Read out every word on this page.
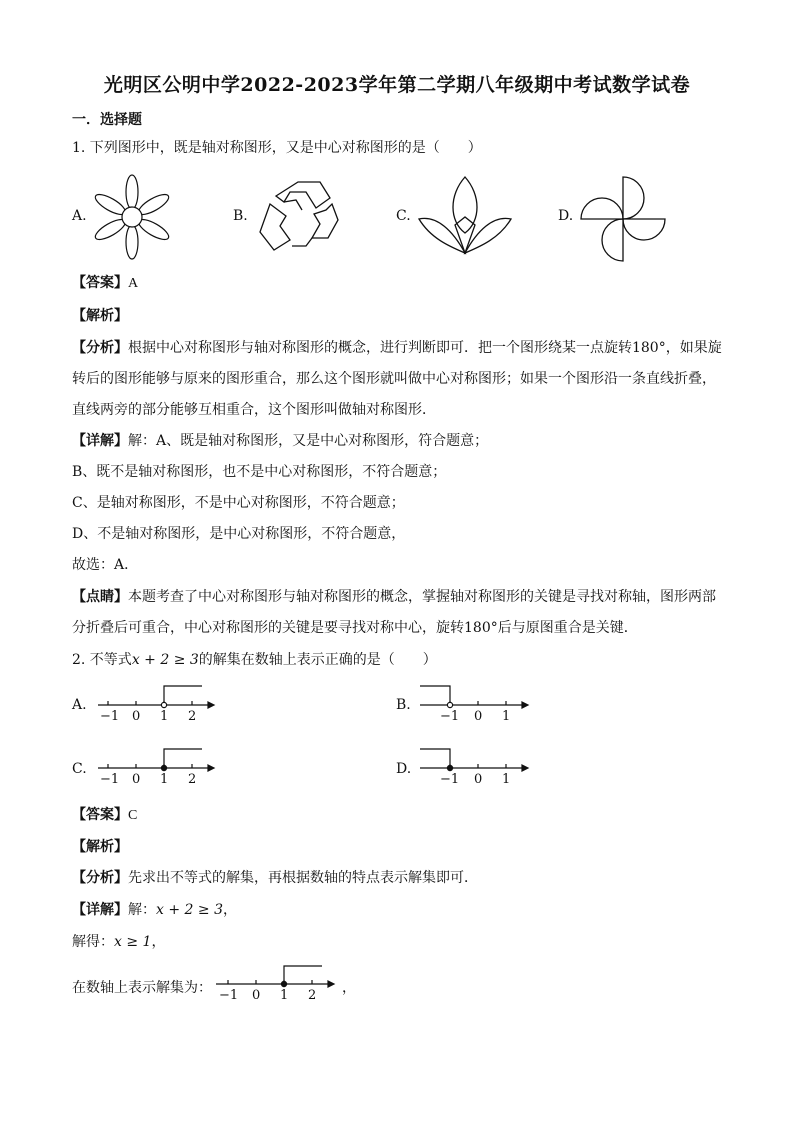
光明区公明中学2022-2023学年第二学期八年级期中考试数学试卷
一．选择题
1. 下列图形中，既是轴对称图形，又是中心对称图形的是（　　）
A.	B.	C.	D.
【答案】A
【解析】
【分析】根据中心对称图形与轴对称图形的概念，进行判断即可．把一个图形绕某一点旋转180°，如果旋
转后的图形能够与原来的图形重合，那么这个图形就叫做中心对称图形；如果一个图形沿一条直线折叠，
直线两旁的部分能够互相重合，这个图形叫做轴对称图形．
【详解】解：A、既是轴对称图形，又是中心对称图形，符合题意；
B、既不是轴对称图形，也不是中心对称图形，不符合题意；
C、是轴对称图形，不是中心对称图形，不符合题意；
D、不是轴对称图形，是中心对称图形，不符合题意，
故选：A．
【点睛】本题考查了中心对称图形与轴对称图形的概念，掌握轴对称图形的关键是寻找对称轴，图形两部
分折叠后可重合，中心对称图形的关键是要寻找对称中心，旋转180°后与原图重合是关键．
2. 不等式x + 2 ≥ 3的解集在数轴上表示正确的是（　　）
A.
−1 0 1 2
B.
−1 0 1
C.
−1 0 1 2
D.
−1 0 1
【答案】C
【解析】
【分析】先求出不等式的解集，再根据数轴的特点表示解集即可．
【详解】解：x + 2 ≥ 3，
解得：x ≥ 1，
在数轴上表示解集为： −1 0 1 2 ，
